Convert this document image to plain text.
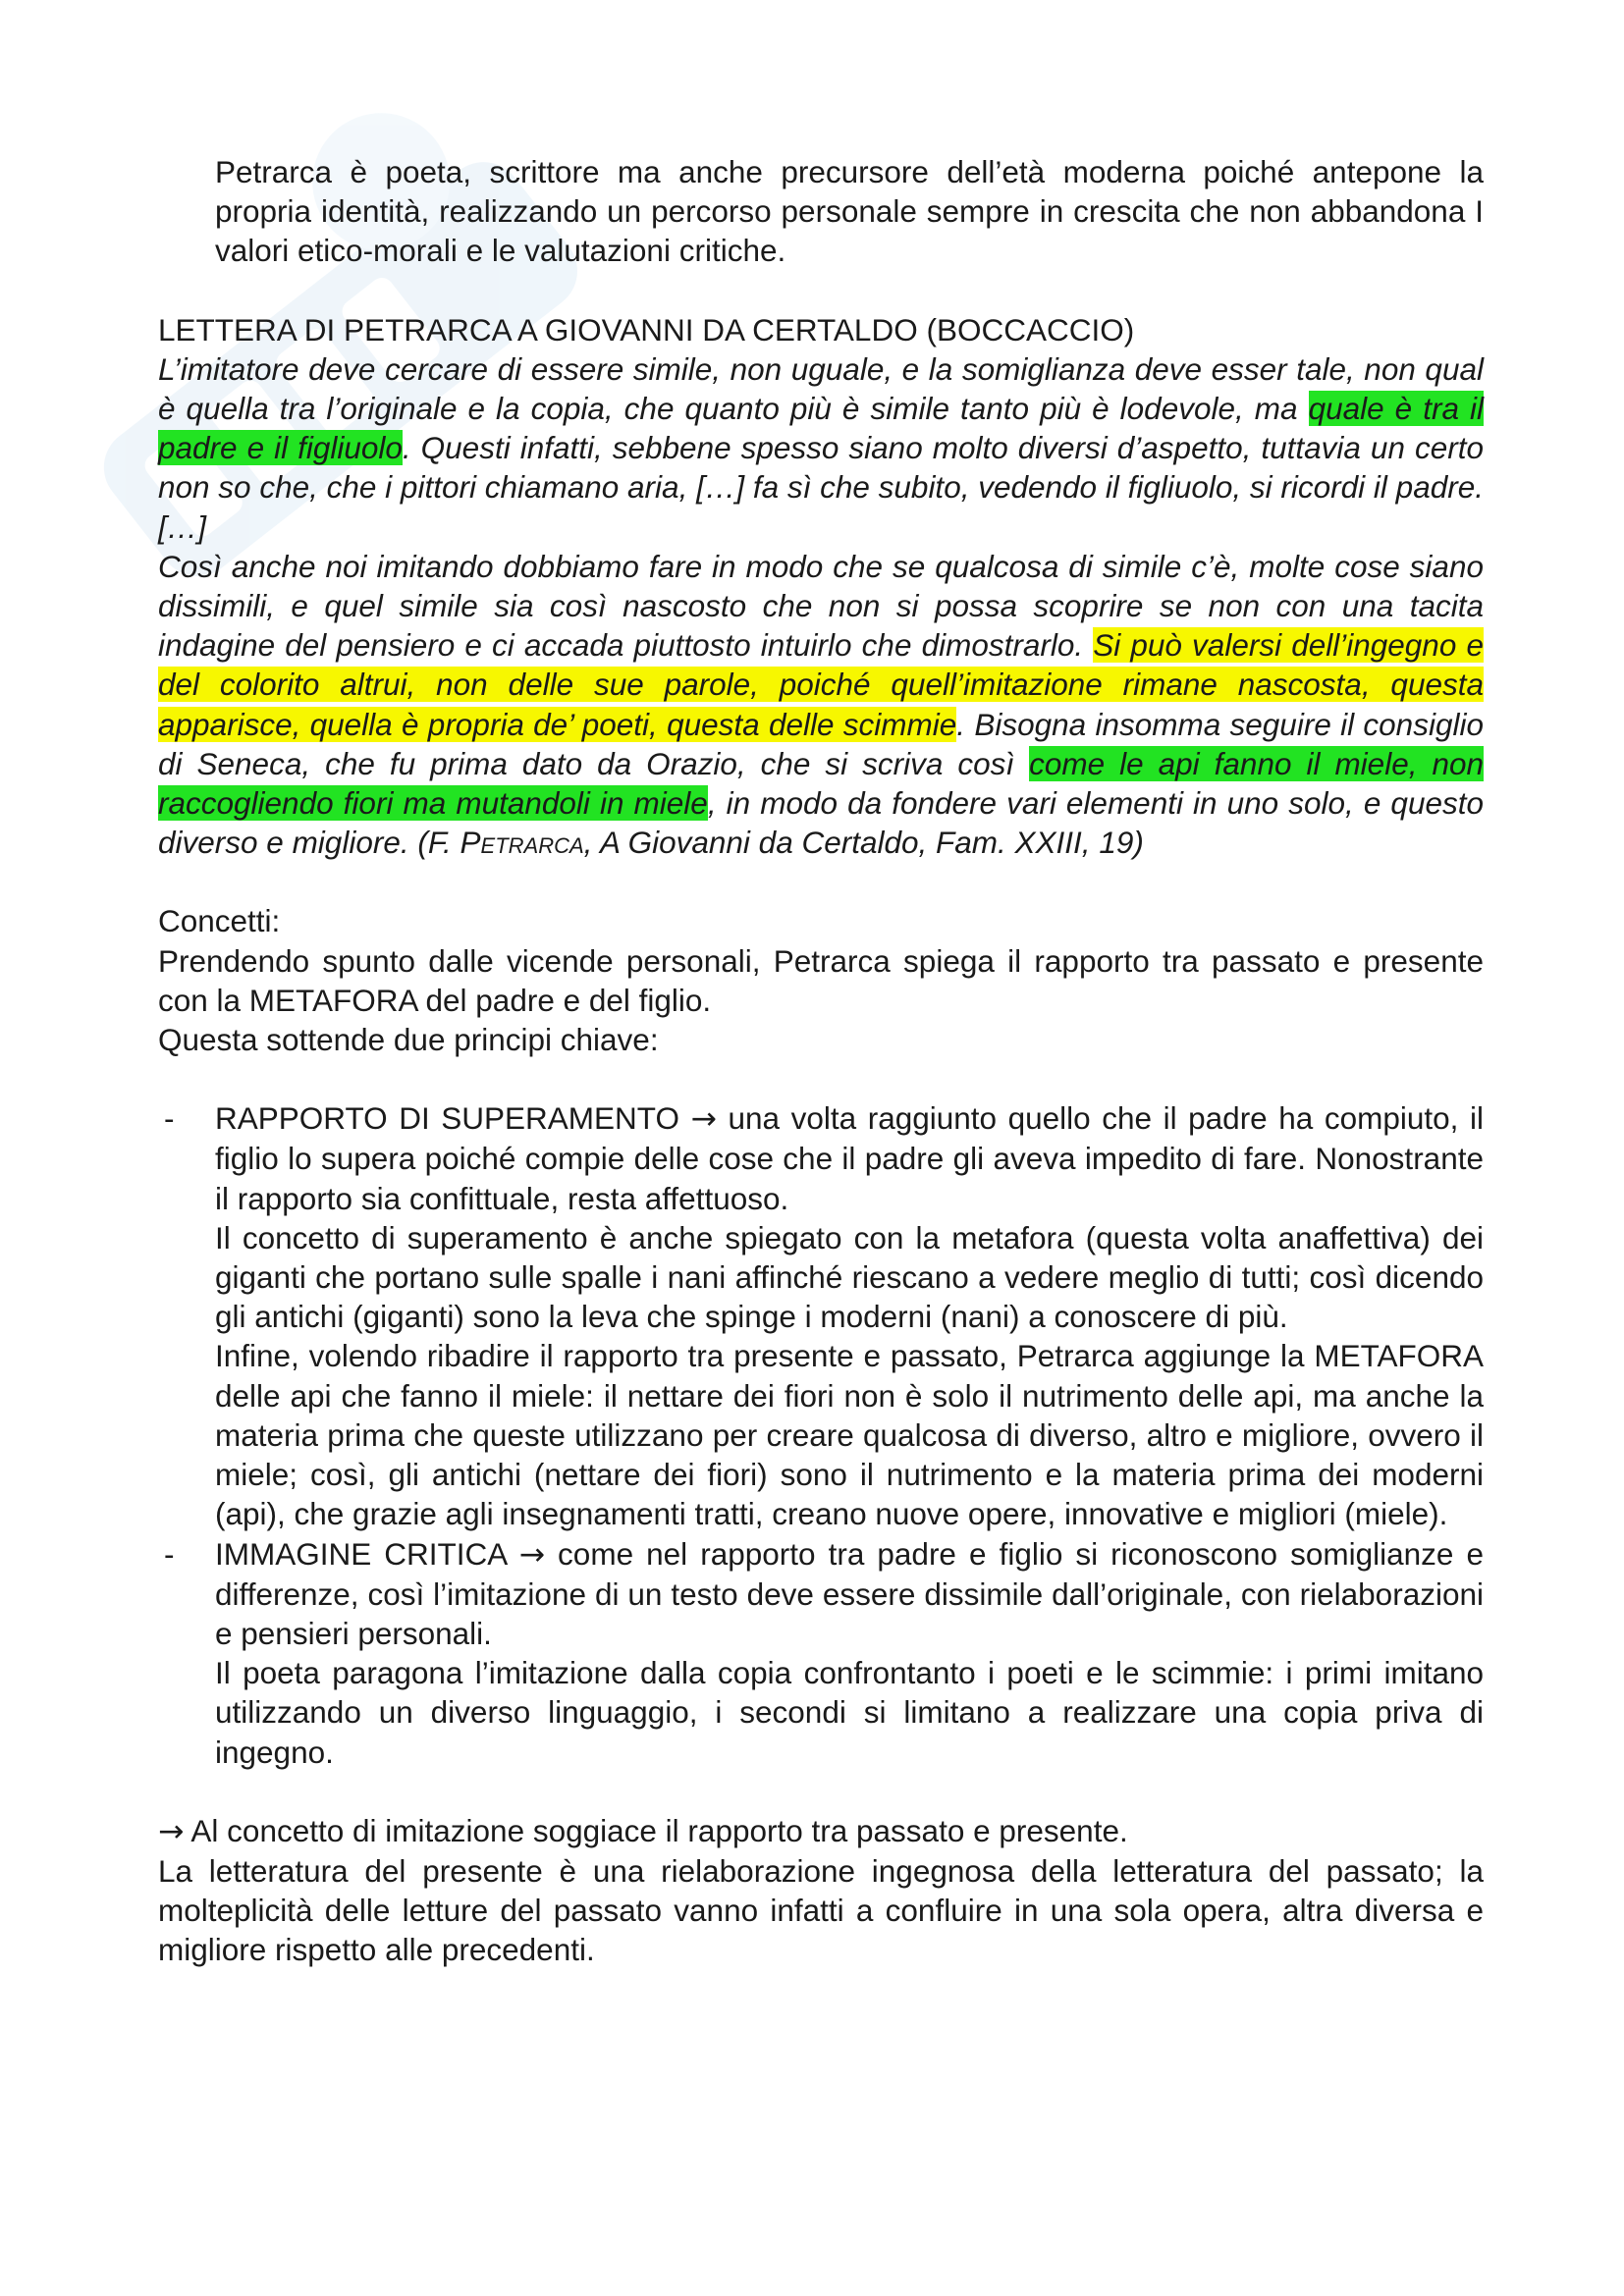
Petrarca è poeta, scrittore ma anche precursore dell’età moderna poiché antepone la propria identità, realizzando un percorso personale sempre in crescita che non abbandona I valori etico-morali e le valutazioni critiche.

LETTERA DI PETRARCA A GIOVANNI DA CERTALDO (BOCCACCIO)

L’imitatore deve cercare di essere simile, non uguale, e la somiglianza deve esser tale, non qual è quella tra l’originale e la copia, che quanto più è simile tanto più è lodevole, ma quale è tra il padre e il figliuolo. Questi infatti, sebbene spesso siano molto diversi d’aspetto, tuttavia un certo non so che, che i pittori chiamano aria, […] fa sì che subito, vedendo il figliuolo, si ricordi il padre. […]

Così anche noi imitando dobbiamo fare in modo che se qualcosa di simile c’è, molte cose siano dissimili, e quel simile sia così nascosto che non si possa scoprire se non con una tacita indagine del pensiero e ci accada piuttosto intuirlo che dimostrarlo. Si può valersi dell’ingegno e del colorito altrui, non delle sue parole, poiché quell’imitazione rimane nascosta, questa apparisce, quella è propria de’ poeti, questa delle scimmie. Bisogna insomma seguire il consiglio di Seneca, che fu prima dato da Orazio, che si scriva così come le api fanno il miele, non raccogliendo fiori ma mutandoli in miele, in modo da fondere vari elementi in uno solo, e questo diverso e migliore. (F. Petrarca, A Giovanni da Certaldo, Fam. XXIII, 19)

Concetti:

Prendendo spunto dalle vicende personali, Petrarca spiega il rapporto tra passato e presente con la METAFORA del padre e del figlio.

Questa sottende due principi chiave:

- RAPPORTO DI SUPERAMENTO → una volta raggiunto quello che il padre ha compiuto, il figlio lo supera poiché compie delle cose che il padre gli aveva impedito di fare. Nonostrante il rapporto sia confittuale, resta affettuoso.

Il concetto di superamento è anche spiegato con la metafora (questa volta anaffettiva) dei giganti che portano sulle spalle i nani affinché riescano a vedere meglio di tutti; così dicendo gli antichi (giganti) sono la leva che spinge i moderni (nani) a conoscere di più.

Infine, volendo ribadire il rapporto tra presente e passato, Petrarca aggiunge la METAFORA delle api che fanno il miele: il nettare dei fiori non è solo il nutrimento delle api, ma anche la materia prima che queste utilizzano per creare qualcosa di diverso, altro e migliore, ovvero il miele; così, gli antichi (nettare dei fiori) sono il nutrimento e la materia prima dei moderni (api), che grazie agli insegnamenti tratti, creano nuove opere, innovative e migliori (miele).

- IMMAGINE CRITICA → come nel rapporto tra padre e figlio si riconoscono somiglianze e differenze, così l’imitazione di un testo deve essere dissimile dall’originale, con rielaborazioni e pensieri personali.

Il poeta paragona l’imitazione dalla copia confrontanto i poeti e le scimmie: i primi imitano utilizzando un diverso linguaggio, i secondi si limitano a realizzare una copia priva di ingegno.

→ Al concetto di imitazione soggiace il rapporto tra passato e presente.

La letteratura del presente è una rielaborazione ingegnosa della letteratura del passato; la molteplicità delle letture del passato vanno infatti a confluire in una sola opera, altra diversa e migliore rispetto alle precedenti.
